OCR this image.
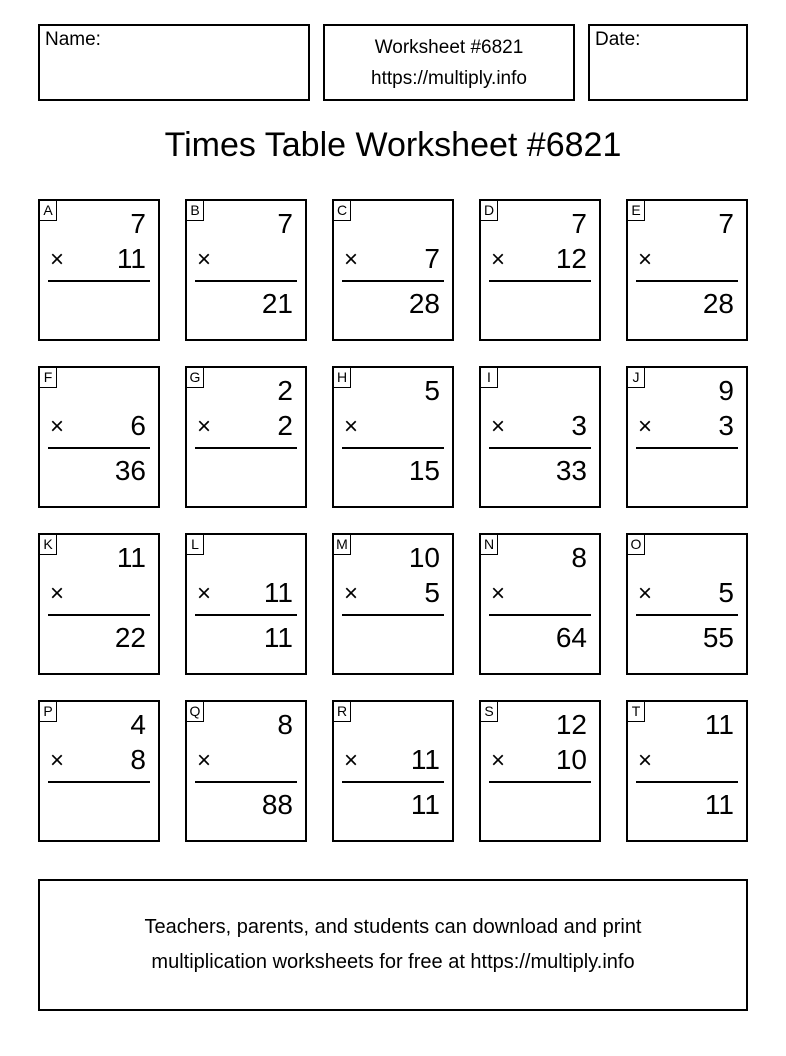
Name:	Worksheet #6821
https://multiply.info
Date:
Times Table Worksheet #6821
A	7
× 11
B	7
×
21
C
× 7
28
D	7
× 12
E	7
×
28
F
× 6
36
G	2
× 2
H	5
×
15
I
× 3
33
J	9
× 3
K 11
×
22
L
× 11
11
M 10
× 5
N	8
×
64
O
× 5
55
P	4
× 8
Q	8
×
88
R
× 11
11
S 12
× 10
T 11
×
11
Teachers, parents, and students can download and print
multiplication worksheets for free at https://multiply.info
